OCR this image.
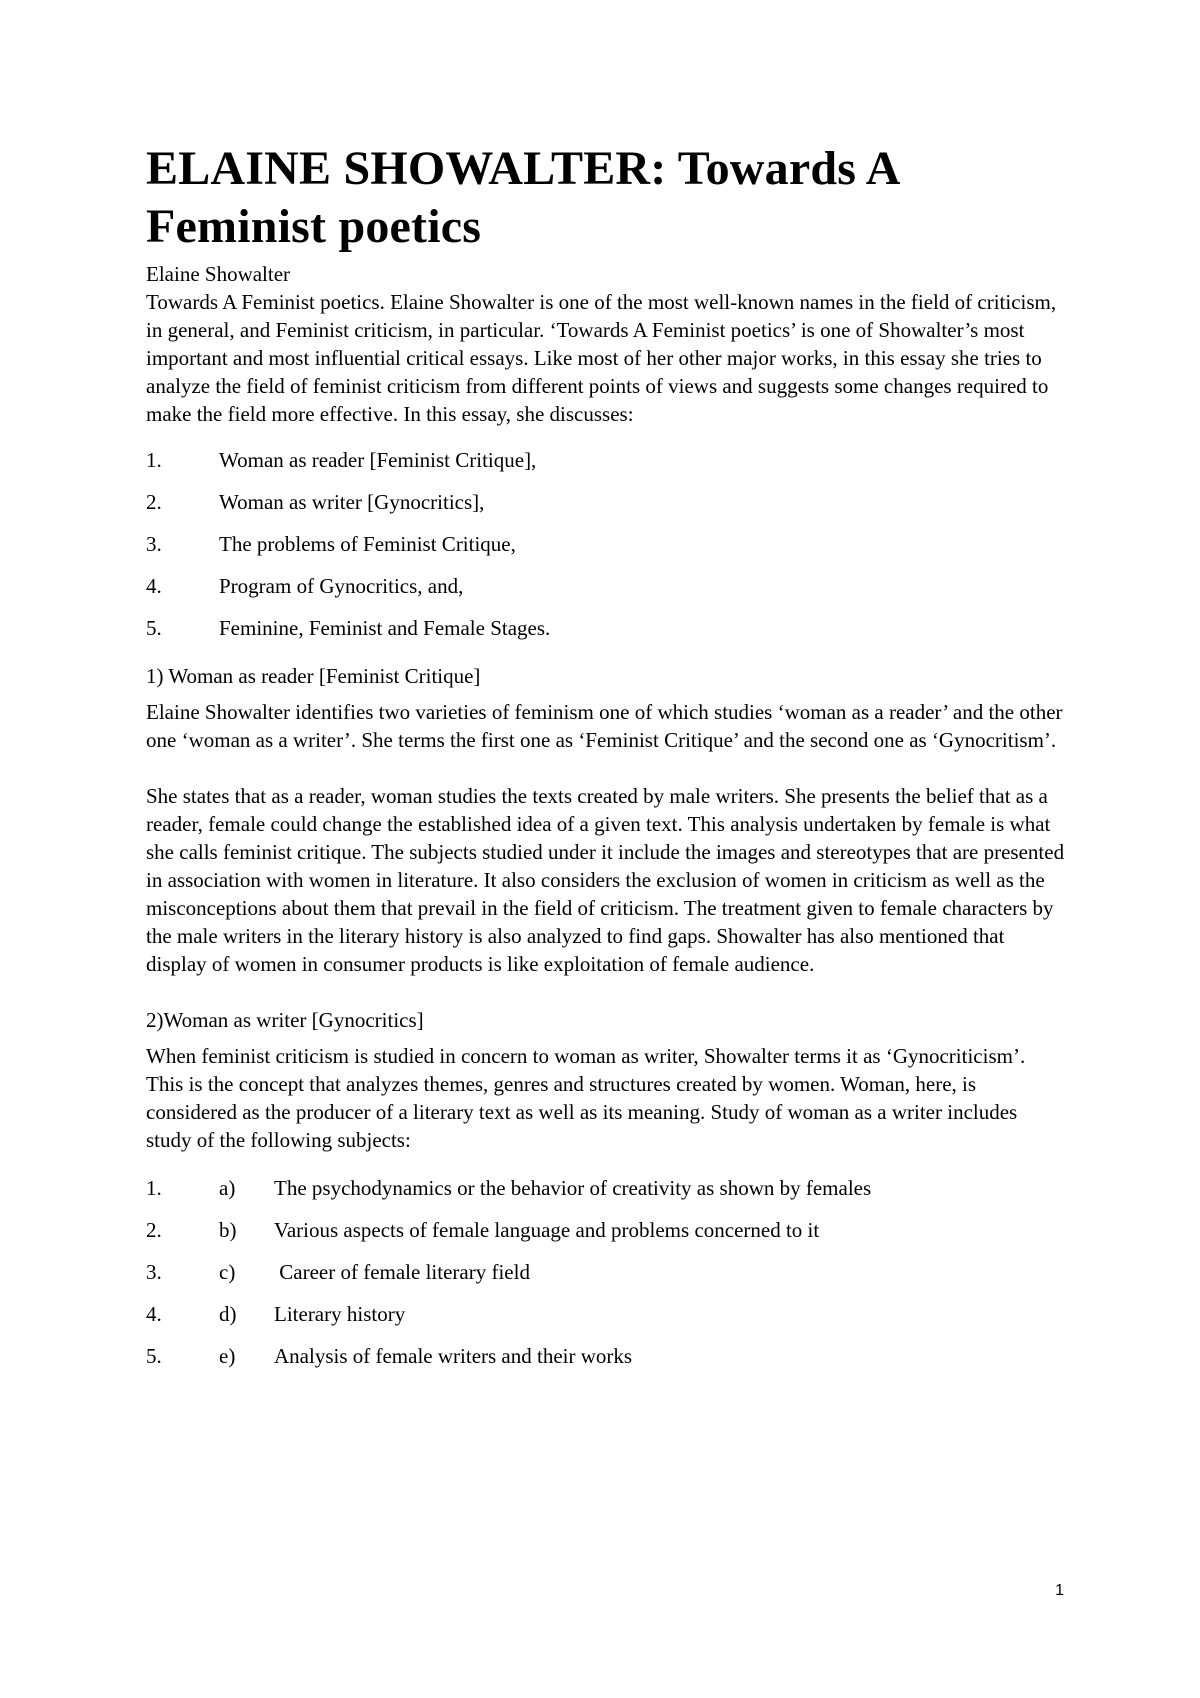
ELAINE SHOWALTER: Towards A Feminist poetics

Elaine Showalter

Towards A Feminist poetics. Elaine Showalter is one of the most well-known names in the field of criticism, in general, and Feminist criticism, in particular. ‘Towards A Feminist poetics’ is one of Showalter’s most important and most influential critical essays. Like most of her other major works, in this essay she tries to analyze the field of feminist criticism from different points of views and suggests some changes required to make the field more effective. In this essay, she discusses:

1.	Woman as reader [Feminist Critique],
2.	Woman as writer [Gynocritics],
3.	The problems of Feminist Critique,
4.	Program of Gynocritics, and,
5.	Feminine, Feminist and Female Stages.

1) Woman as reader [Feminist Critique]

Elaine Showalter identifies two varieties of feminism one of which studies ‘woman as a reader’ and the other one ‘woman as a writer’. She terms the first one as ‘Feminist Critique’ and the second one as ‘Gynocritism’.

She states that as a reader, woman studies the texts created by male writers. She presents the belief that as a reader, female could change the established idea of a given text. This analysis undertaken by female is what she calls feminist critique. The subjects studied under it include the images and stereotypes that are presented in association with women in literature. It also considers the exclusion of women in criticism as well as the misconceptions about them that prevail in the field of criticism. The treatment given to female characters by the male writers in the literary history is also analyzed to find gaps. Showalter has also mentioned that display of women in consumer products is like exploitation of female audience.

2)Woman as writer [Gynocritics]

When feminist criticism is studied in concern to woman as writer, Showalter terms it as ‘Gynocriticism’. This is the concept that analyzes themes, genres and structures created by women. Woman, here, is considered as the producer of a literary text as well as its meaning. Study of woman as a writer includes study of the following subjects:

1.	a)	The psychodynamics or the behavior of creativity as shown by females
2.	b)	Various aspects of female language and problems concerned to it
3.	c)	Career of female literary field
4.	d)	Literary history
5.	e)	Analysis of female writers and their works
1
